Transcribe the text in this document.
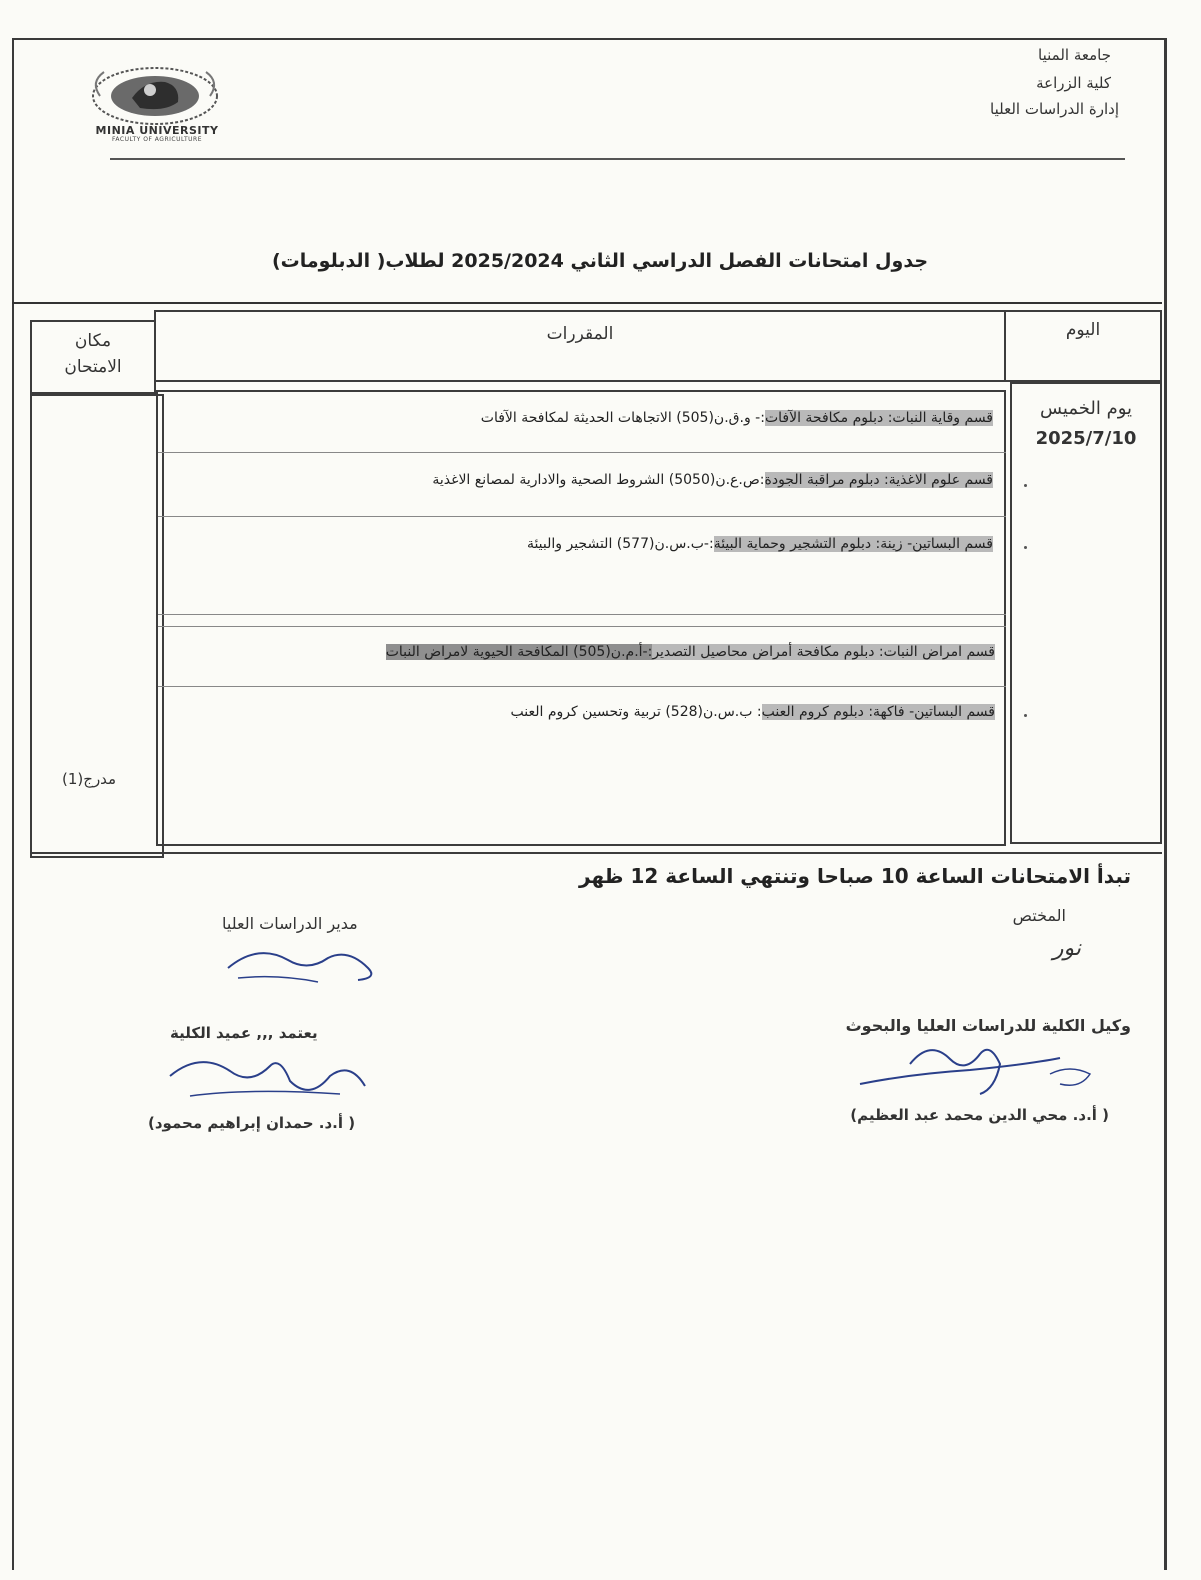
جامعة المنيا
كلية الزراعة
إدارة الدراسات العليا
MINIA UNIVERSITY
FACULTY OF AGRICULTURE
جدول امتحانات الفصل الدراسي الثاني 2025/2024 لطلاب( الدبلومات)
اليوم
المقررات
مكان
الامتحان
يوم الخميس
2025/7/10
مدرج(1)
قسم وقاية النبات: دبلوم مكافحة الآفات:- و.ق.ن(505) الاتجاهات الحديثة لمكافحة الآفات
قسم علوم الاغذية: دبلوم مراقبة الجودة:ص.ع.ن(5050) الشروط الصحية والادارية لمصانع الاغذية
قسم البساتين- زينة: دبلوم التشجير وحماية البيئة:-ب.س.ن(577) التشجير والبيئة
قسم امراض النبات: دبلوم مكافحة أمراض محاصيل التصدير:-أ.م.ن(505) المكافحة الحيوية لامراض النبات
قسم البساتين- فاكهة: دبلوم كروم العنب: ب.س.ن(528) تربية وتحسين كروم العنب
تبدأ الامتحانات الساعة 10 صباحا وتنتهي الساعة 12 ظهر
المختص
نور
مدير الدراسات العليا
وكيل الكلية للدراسات العليا والبحوث
( أ.د. محي الدين محمد عبد العظيم)
يعتمد ,,, عميد الكلية
( أ.د. حمدان إبراهيم محمود)
